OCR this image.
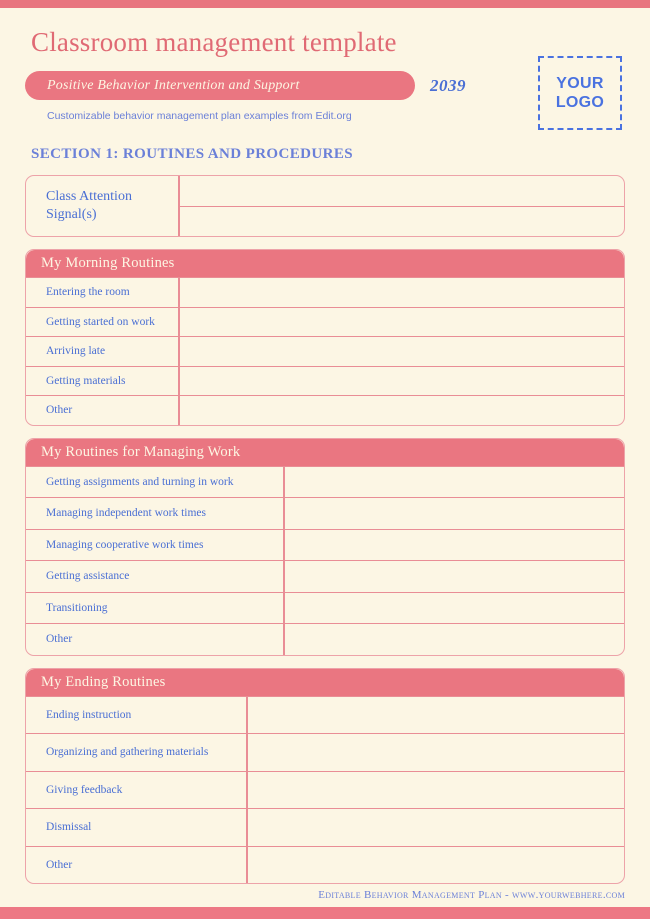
Classroom management template
Positive Behavior Intervention and Support	2039
Customizable behavior management plan examples from Edit.org
YOUR
LOGO
SECTION 1: ROUTINES AND PROCEDURES
Class Attention Signal(s)
My Morning Routines
Entering the room
Getting started on work
Arriving late
Getting materials
Other
My Routines for Managing Work
Getting assignments and turning in work
Managing independent work times
Managing cooperative work times
Getting assistance
Transitioning
Other
My Ending Routines
Ending instruction
Organizing and gathering materials
Giving feedback
Dismissal
Other
Editable Behavior Management Plan - www.yourwebhere.com
